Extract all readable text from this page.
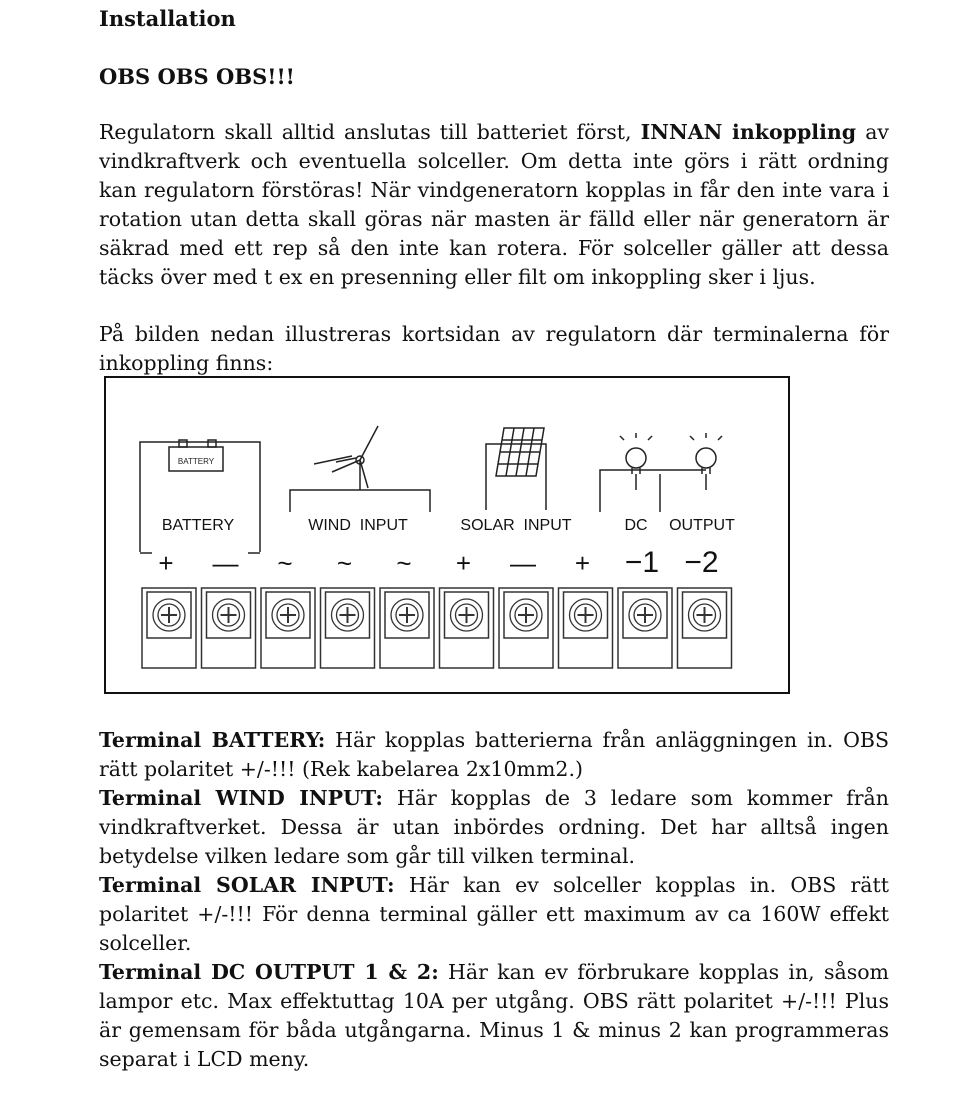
Installation
OBS OBS OBS!!!
Regulatorn skall alltid anslutas till batteriet först, INNAN inkoppling av vindkraftverk och eventuella solceller. Om detta inte görs i rätt ordning kan regulatorn förstöras! När vindgeneratorn kopplas in får den inte vara i rotation utan detta skall göras när masten är fälld eller när generatorn är säkrad med ett rep så den inte kan rotera. För solceller gäller att dessa täcks över med t ex en presenning eller filt om inkoppling sker i ljus.
På bilden nedan illustreras kortsidan av regulatorn där terminalerna för inkoppling finns:
BATTERY
BATTERY	WIND  INPUT	SOLAR  INPUT	DC OUTPUT
+ — ~ ~ ~ + — + −1 −2

Terminal BATTERY: Här kopplas batterierna från anläggningen in. OBS rätt polaritet +/-!!! (Rek kabelarea 2x10mm2.)

Terminal WIND INPUT: Här kopplas de 3 ledare som kommer från vindkraftverket. Dessa är utan inbördes ordning. Det har alltså ingen betydelse vilken ledare som går till vilken terminal.

Terminal SOLAR INPUT: Här kan ev solceller kopplas in. OBS rätt polaritet +/-!!! För denna terminal gäller ett maximum av ca 160W effekt solceller.

Terminal DC OUTPUT 1 & 2: Här kan ev förbrukare kopplas in, såsom lampor etc. Max effektuttag 10A per utgång. OBS rätt polaritet +/-!!! Plus är gemensam för båda utgångarna. Minus 1 & minus 2 kan programmeras separat i LCD meny.
